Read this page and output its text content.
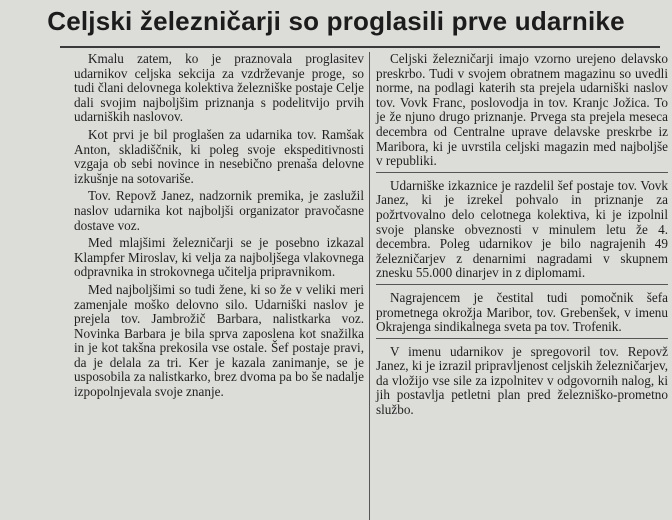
Celjski železničarji so proglasili prve udarnike

Kmalu zatem, ko je praznovala proglasitev udarnikov celjska sekcija za vzdrževanje proge, so tudi člani delovnega kolektiva železniške postaje Celje dali svojim najboljšim priznanja s podelitvijo prvih udarniških naslovov.

Kot prvi je bil proglašen za udarnika tov. Ramšak Anton, skladiščnik, ki poleg svoje ekspeditivnosti vzgaja ob sebi novince in nesebično prenaša delovne izkušnje na sotovariše.

Tov. Repovž Janez, nadzornik premika, je zaslužil naslov udarnika kot najboljši organizator pravočasne dostave voz.

Med mlajšimi železničarji se je posebno izkazal Klampfer Miroslav, ki velja za najboljšega vlakovnega odpravnika in strokovnega učitelja pripravnikom.

Med najboljšimi so tudi žene, ki so že v veliki meri zamenjale moško delovno silo. Udarniški naslov je prejela tov. Jambrožič Barbara, nalistkarka voz. Novinka Barbara je bila sprva zaposlena kot snažilka in je kot takšna prekosila vse ostale. Šef postaje pravi, da je delala za tri. Ker je kazala zanimanje, se je usposobila za nalistkarko, brez dvoma pa bo še nadalje izpopolnjevala svoje znanje.

Celjski železničarji imajo vzorno urejeno delavsko preskrbo. Tudi v svojem obratnem magazinu so uvedli norme, na podlagi katerih sta prejela udarniški naslov tov. Vovk Franc, poslovodja in tov. Kranjc Jožica. To je že njuno drugo priznanje. Prvega sta prejela meseca decembra od Centralne uprave delavske preskrbe iz Maribora, ki je uvrstila celjski magazin med najboljše v republiki.

Udarniške izkaznice je razdelil šef postaje tov. Vovk Janez, ki je izrekel pohvalo in priznanje za požrtvovalno delo celotnega kolektiva, ki je izpolnil svoje planske obveznosti v minulem letu že 4. decembra. Poleg udarnikov je bilo nagrajenih 49 železničarjev z denarnimi nagradami v skupnem znesku 55.000 dinarjev in z diplomami.

Nagrajencem je čestital tudi pomočnik šefa prometnega okrožja Maribor, tov. Grebenšek, v imenu Okrajenga sindikalnega sveta pa tov. Trofenik.

V imenu udarnikov je spregovoril tov. Repovž Janez, ki je izrazil pripravljenost celjskih železničarjev, da vložijo vse sile za izpolnitev v odgovornih nalog, ki jih postavlja petletni plan pred železniško-prometno službo.
